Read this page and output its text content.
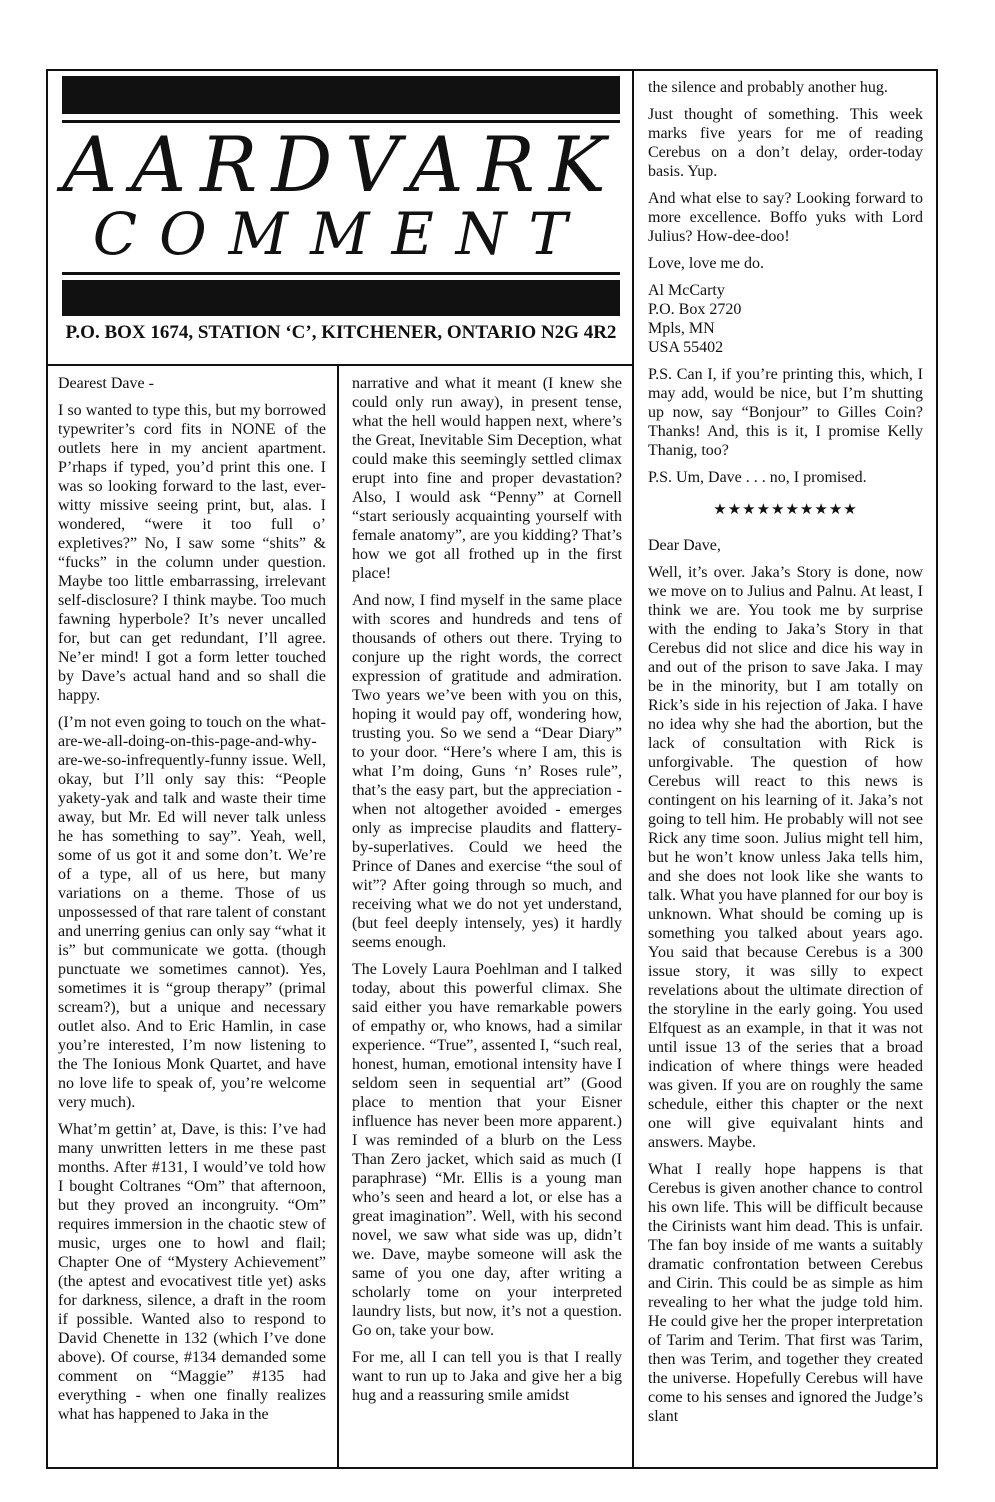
AARDVARK
COMMENT
P.O. BOX 1674, STATION ‘C’, KITCHENER, ONTARIO N2G 4R2

Dearest Dave -

I so wanted to type this, but my borrowed typewriter’s cord fits in NONE of the outlets here in my ancient apartment. P’rhaps if typed, you’d print this one. I was so looking forward to the last, ever-witty missive seeing print, but, alas. I wondered, “were it too full o’ expletives?” No, I saw some “shits” & “fucks” in the column under question. Maybe too little embarrassing, irrelevant self-disclosure? I think maybe. Too much fawning hyperbole? It’s never uncalled for, but can get redundant, I’ll agree. Ne’er mind! I got a form letter touched by Dave’s actual hand and so shall die happy.

(I’m not even going to touch on the what-are-we-all-doing-on-this-page-and-why-are-we-so-infrequently-funny issue. Well, okay, but I’ll only say this: “People yakety-yak and talk and waste their time away, but Mr. Ed will never talk unless he has something to say”. Yeah, well, some of us got it and some don’t. We’re of a type, all of us here, but many variations on a theme. Those of us unpossessed of that rare talent of constant and unerring genius can only say “what it is” but communicate we gotta. (though punctuate we sometimes cannot). Yes, sometimes it is “group therapy” (primal scream?), but a unique and necessary outlet also. And to Eric Hamlin, in case you’re interested, I’m now listening to the The Ionious Monk Quartet, and have no love life to speak of, you’re welcome very much).

What’m gettin’ at, Dave, is this: I’ve had many unwritten letters in me these past months. After #131, I would’ve told how I bought Coltranes “Om” that afternoon, but they proved an incongruity. “Om” requires immersion in the chaotic stew of music, urges one to howl and flail; Chapter One of “Mystery Achievement” (the aptest and evocativest title yet) asks for darkness, silence, a draft in the room if possible. Wanted also to respond to David Chenette in 132 (which I’ve done above). Of course, #134 demanded some comment on “Maggie” #135 had everything - when one finally realizes what has happened to Jaka in the

narrative and what it meant (I knew she could only run away), in present tense, what the hell would happen next, where’s the Great, Inevitable Sim Deception, what could make this seemingly settled climax erupt into fine and proper devastation? Also, I would ask “Penny” at Cornell “start seriously acquainting yourself with female anatomy”, are you kidding? That’s how we got all frothed up in the first place!

And now, I find myself in the same place with scores and hundreds and tens of thousands of others out there. Trying to conjure up the right words, the correct expression of gratitude and admiration. Two years we’ve been with you on this, hoping it would pay off, wondering how, trusting you. So we send a “Dear Diary” to your door. “Here’s where I am, this is what I’m doing, Guns ‘n’ Roses rule”, that’s the easy part, but the appreciation - when not altogether avoided - emerges only as imprecise plaudits and flattery-by-superlatives. Could we heed the Prince of Danes and exercise “the soul of wit”? After going through so much, and receiving what we do not yet understand, (but feel deeply intensely, yes) it hardly seems enough.

The Lovely Laura Poehlman and I talked today, about this powerful climax. She said either you have remarkable powers of empathy or, who knows, had a similar experience. “True”, assented I, “such real, honest, human, emotional intensity have I seldom seen in sequential art” (Good place to mention that your Eisner influence has never been more apparent.) I was reminded of a blurb on the Less Than Zero jacket, which said as much (I paraphrase) “Mr. Ellis is a young man who’s seen and heard a lot, or else has a great imagination”. Well, with his second novel, we saw what side was up, didn’t we. Dave, maybe someone will ask the same of you one day, after writing a scholarly tome on your interpreted laundry lists, but now, it’s not a question. Go on, take your bow.

For me, all I can tell you is that I really want to run up to Jaka and give her a big hug and a reassuring smile amidst

the silence and probably another hug.

Just thought of something. This week marks five years for me of reading Cerebus on a don’t delay, order-today basis. Yup.

And what else to say? Looking forward to more excellence. Boffo yuks with Lord Julius? How-dee-doo!

Love, love me do.

Al McCarty

P.O. Box 2720

Mpls, MN

USA 55402

P.S. Can I, if you’re printing this, which, I may add, would be nice, but I’m shutting up now, say “Bonjour” to Gilles Coin? Thanks! And, this is it, I promise Kelly Thanig, too?

P.S. Um, Dave . . . no, I promised.

★★★★★★★★★★

Dear Dave,

Well, it’s over. Jaka’s Story is done, now we move on to Julius and Palnu. At least, I think we are. You took me by surprise with the ending to Jaka’s Story in that Cerebus did not slice and dice his way in and out of the prison to save Jaka. I may be in the minority, but I am totally on Rick’s side in his rejection of Jaka. I have no idea why she had the abortion, but the lack of consultation with Rick is unforgivable. The question of how Cerebus will react to this news is contingent on his learning of it. Jaka’s not going to tell him. He probably will not see Rick any time soon. Julius might tell him, but he won’t know unless Jaka tells him, and she does not look like she wants to talk. What you have planned for our boy is unknown. What should be coming up is something you talked about years ago. You said that because Cerebus is a 300 issue story, it was silly to expect revelations about the ultimate direction of the storyline in the early going. You used Elfquest as an example, in that it was not until issue 13 of the series that a broad indication of where things were headed was given. If you are on roughly the same schedule, either this chapter or the next one will give equivalant hints and answers. Maybe.

What I really hope happens is that Cerebus is given another chance to control his own life. This will be difficult because the Cirinists want him dead. This is unfair. The fan boy inside of me wants a suitably dramatic confrontation between Cerebus and Cirin. This could be as simple as him revealing to her what the judge told him. He could give her the proper interpretation of Tarim and Terim. That first was Tarim, then was Terim, and together they created the universe. Hopefully Cerebus will have come to his senses and ignored the Judge’s slant
